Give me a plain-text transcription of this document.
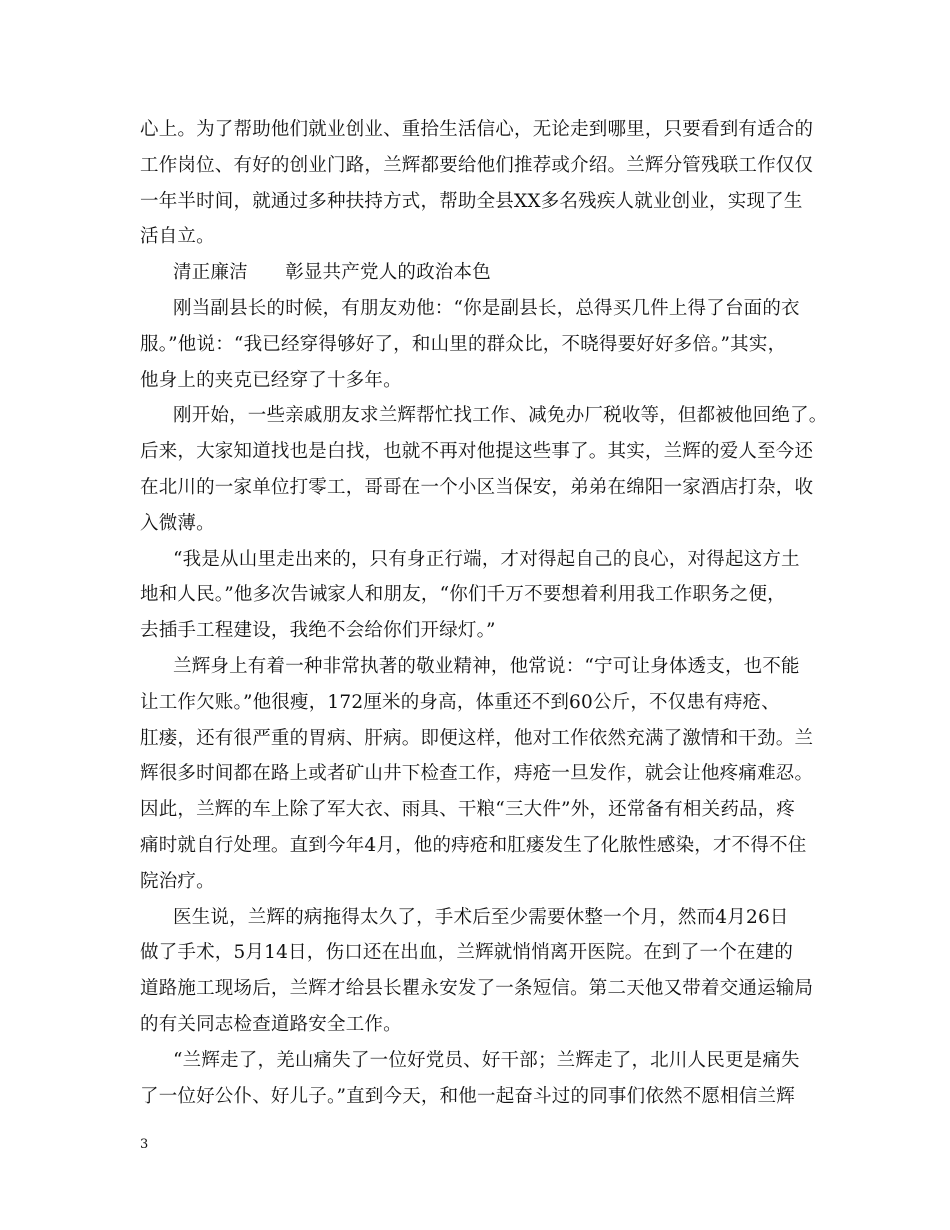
心上。为了帮助他们就业创业、重拾生活信心，无论走到哪里，只要看到有适合的
工作岗位、有好的创业门路，兰辉都要给他们推荐或介绍。兰辉分管残联工作仅仅
一年半时间，就通过多种扶持方式，帮助全县XX多名残疾人就业创业，实现了生
活自立。
清正廉洁　　彰显共产党人的政治本色
刚当副县长的时候，有朋友劝他：“你是副县长，总得买几件上得了台面的衣
服。”他说：“我已经穿得够好了，和山里的群众比，不晓得要好好多倍。”其实，
他身上的夹克已经穿了十多年。
刚开始，一些亲戚朋友求兰辉帮忙找工作、减免办厂税收等，但都被他回绝了。
后来，大家知道找也是白找，也就不再对他提这些事了。其实，兰辉的爱人至今还
在北川的一家单位打零工，哥哥在一个小区当保安，弟弟在绵阳一家酒店打杂，收
入微薄。
“我是从山里走出来的，只有身正行端，才对得起自己的良心，对得起这方土
地和人民。”他多次告诫家人和朋友，“你们千万不要想着利用我工作职务之便，
去插手工程建设，我绝不会给你们开绿灯。”
兰辉身上有着一种非常执著的敬业精神，他常说：“宁可让身体透支，也不能
让工作欠账。”他很瘦，172厘米的身高，体重还不到60公斤，不仅患有痔疮、
肛瘘，还有很严重的胃病、肝病。即便这样，他对工作依然充满了激情和干劲。兰
辉很多时间都在路上或者矿山井下检查工作，痔疮一旦发作，就会让他疼痛难忍。
因此，兰辉的车上除了军大衣、雨具、干粮“三大件”外，还常备有相关药品，疼
痛时就自行处理。直到今年4月，他的痔疮和肛瘘发生了化脓性感染，才不得不住
院治疗。
医生说，兰辉的病拖得太久了，手术后至少需要休整一个月，然而4月26日
做了手术，5月14日，伤口还在出血，兰辉就悄悄离开医院。在到了一个在建的
道路施工现场后，兰辉才给县长瞿永安发了一条短信。第二天他又带着交通运输局
的有关同志检查道路安全工作。
“兰辉走了，羌山痛失了一位好党员、好干部；兰辉走了，北川人民更是痛失
了一位好公仆、好儿子。”直到今天，和他一起奋斗过的同事们依然不愿相信兰辉
3
